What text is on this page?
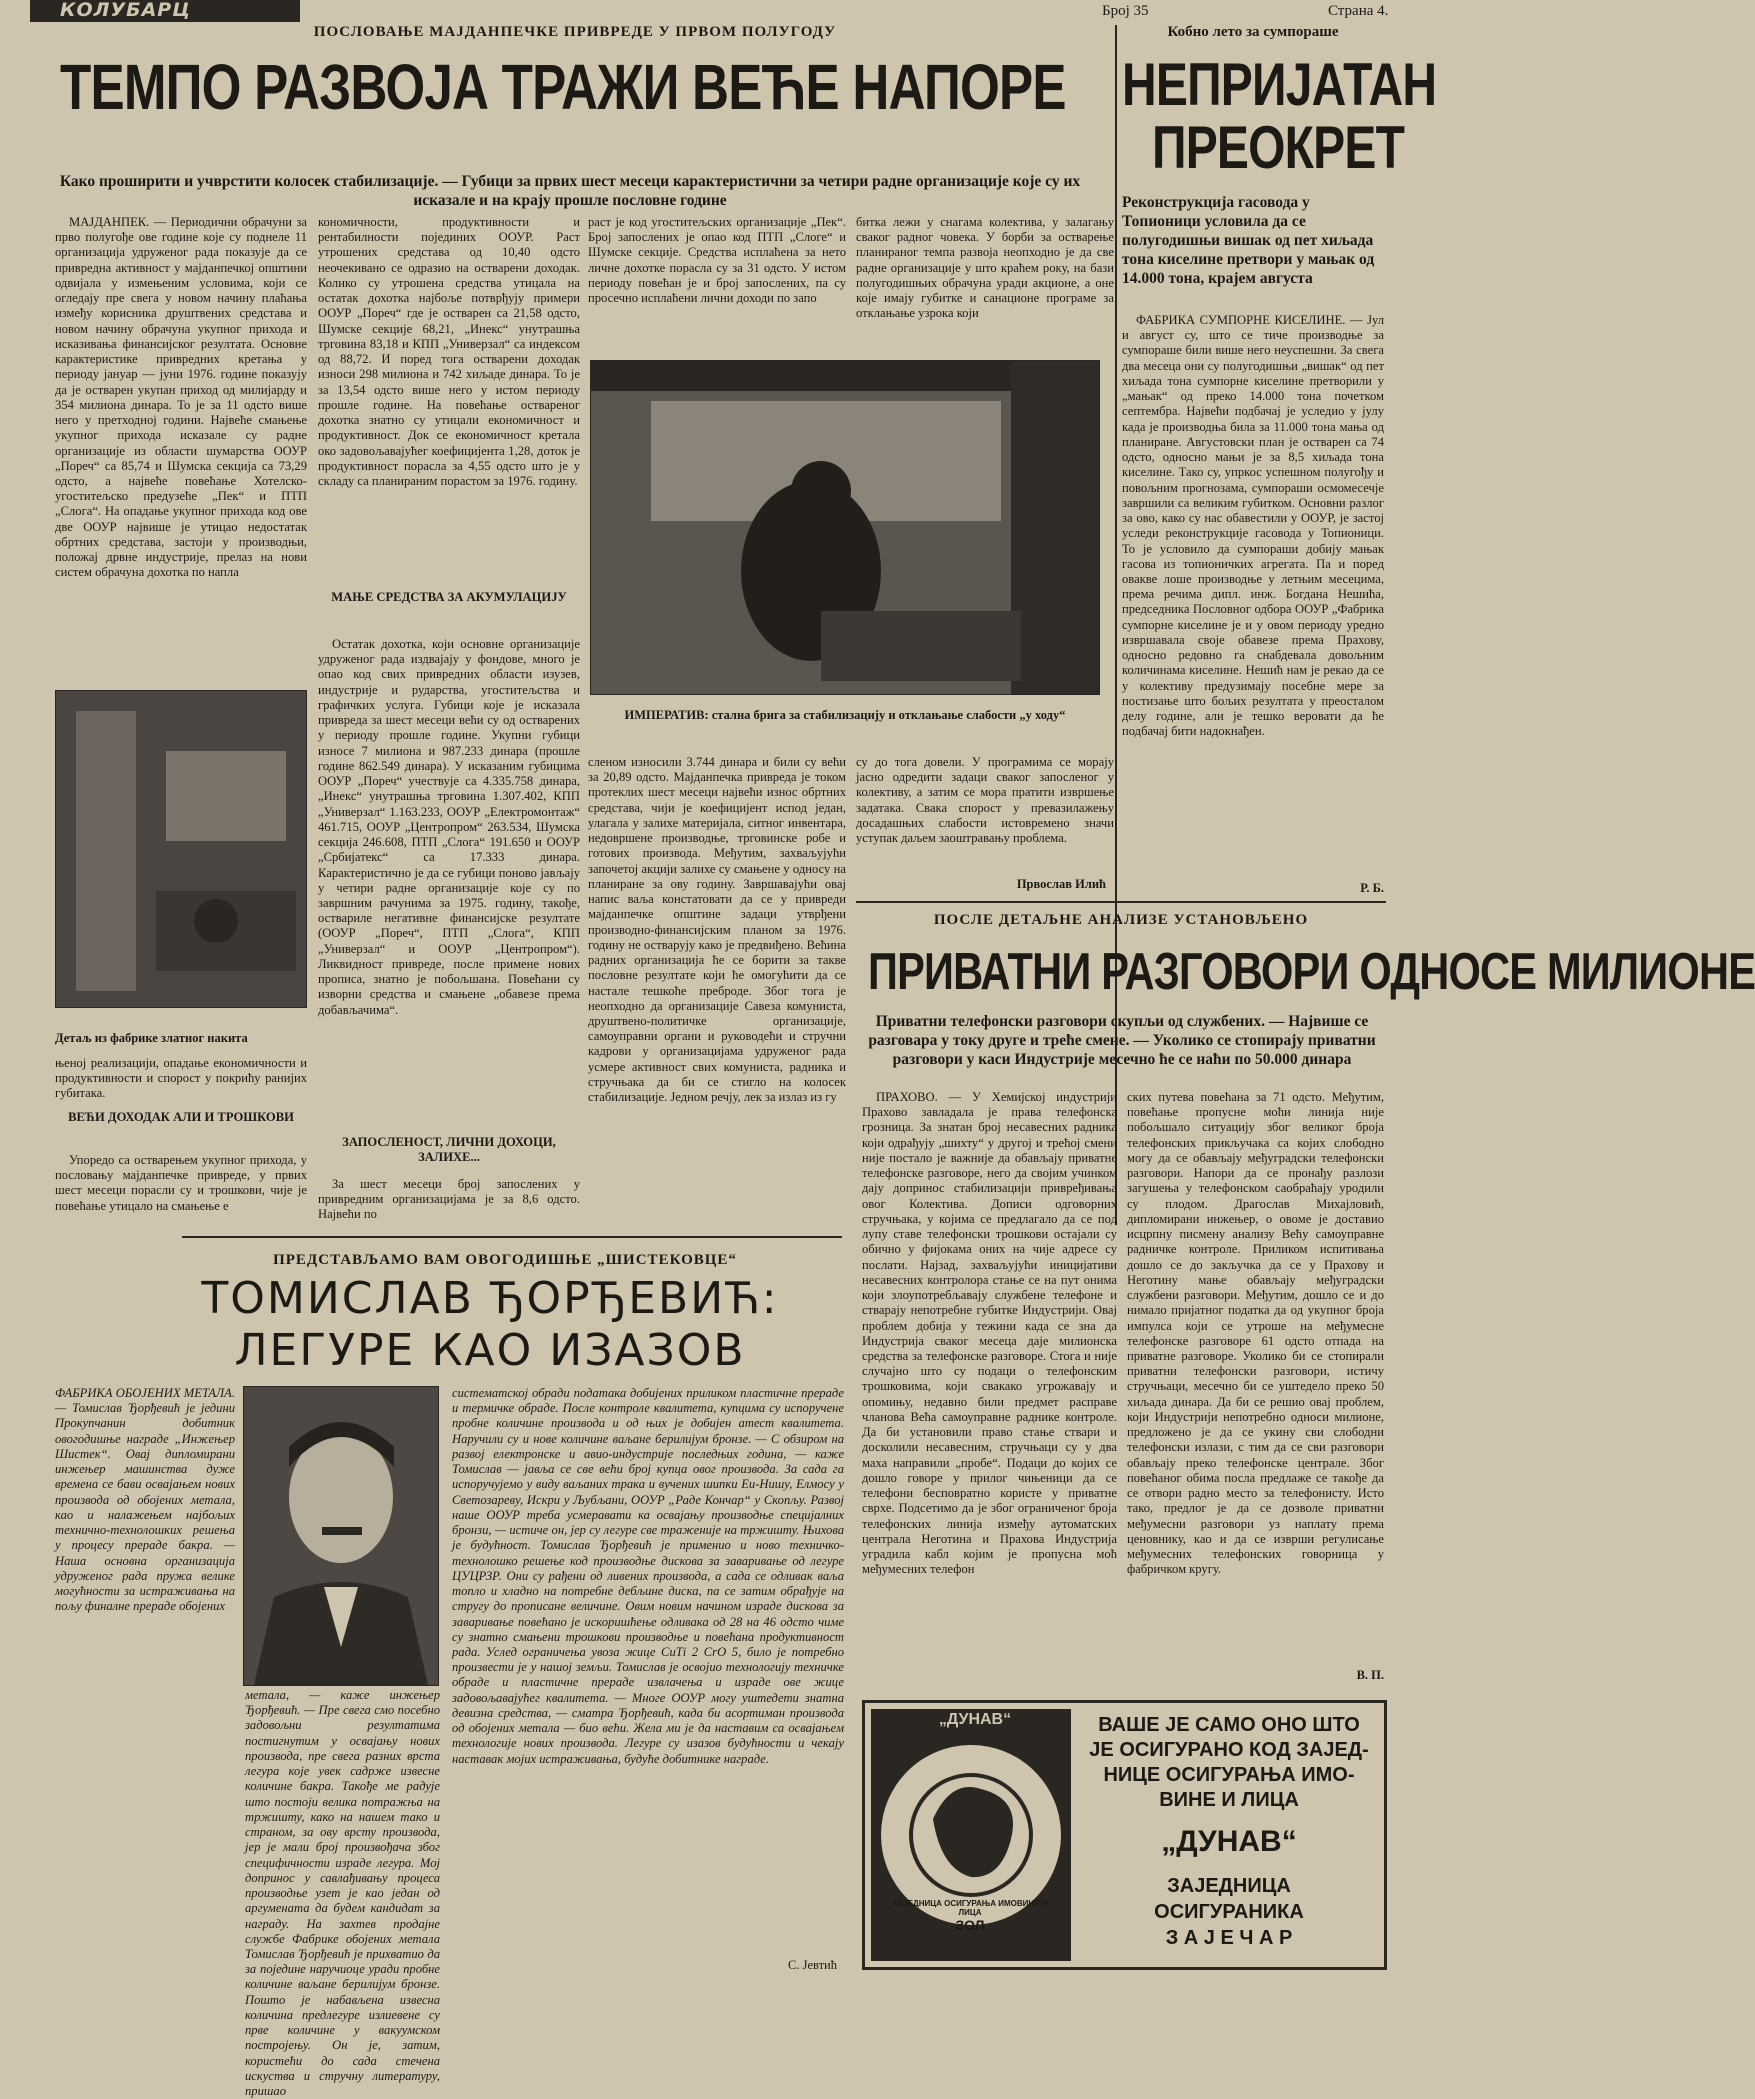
КОЛУБАРЦ	Број 35	Страна 4.
ПОСЛОВАЊЕ МАЈДАНПЕЧКЕ ПРИВРЕДЕ У ПРВОМ ПОЛУГОДУ
ТЕМПО РАЗВОЈА ТРАЖИ ВЕЋЕ НАПОРЕ
Како проширити и учврстити колосек стабилизације. — Губици за првих шест месеци карактеристични за четири радне организације које су их исказале и на крају прошле пословне године

МАЈДАНПЕК. — Периодични обрачуни за прво полугође ове године које су поднеле 11 организација удруженог рада показује да се привредна активност у мајданпечкој општини одвијала у измењеним условима, који се огледају пре свега у новом начину плаћања између корисника друштвених средстава и новом начину обрачуна укупног прихода и исказивања финансијског резултата. Основне карактеристике привредних кретања у периоду јануар — јуни 1976. године показују да је остварен укупан приход од милијарду и 354 милиона динара. То је за 11 одсто више него у претходној години. Највеће смањење укупног прихода исказале су радне организације из области шумарства ООУР „Пореч“ са 85,74 и Шумска секција са 73,29 одсто, а највеће повећање Хотелско-угоститељско предузеће „Пек“ и ПТП „Слога“. На опадање укупног прихода код ове две ООУР највише је утицао недостатак обртних средстава, застоји у производњи, положај дрвне индустрије, прелаз на нови систем обрачуна дохотка по напла

Детаљ из фабрике златног накита

њеној реализацији, опадање економичности и продуктивности и спорост у покрићу ранијих губитака.

ВЕЋИ ДОХОДАК АЛИ И ТРОШКОВИ

Упоредо са остварењем укупног прихода, у пословању мајданпечке привреде, у првих шест месеци порасли су и трошкови, чије је повећање утицало на смањење е

кономичности, продуктивности и рентабилности појединих ООУР. Раст утрошених средстава од 10,40 одсто неочекивано се одразио на остварени доходак. Колико су утрошена средства утицала на остатак дохотка најбоље потврђују примери ООУР „Пореч“ где је остварен са 21,58 одсто, Шумске секције 68,21, „Инекс“ унутрашња трговина 83,18 и КПП „Универзал“ са индексом од 88,72. И поред тога остварени доходак износи 298 милиона и 742 хиљаде динара. То је за 13,54 одсто више него у истом периоду прошле године. На повећање оствареног дохотка знатно су утицали економичност и продуктивност. Док се економичност кретала око задовољавајућег коефицијента 1,28, доток је продуктивност порасла за 4,55 одсто што је у складу са планираним порастом за 1976. годину.

МАЊЕ СРЕДСТВА ЗА АКУМУЛАЦИЈУ

Остатак дохотка, који основне организације удруженог рада издвајају у фондове, много је опао код свих привредних области изузев, индустрије и рударства, угоститељства и графичких услуга. Губици које је исказала привреда за шест месеци већи су од остварених у периоду прошле године. Укупни губици износе 7 милиона и 987.233 динара (прошле године 862.549 динара). У исказаним губицима ООУР „Пореч“ учествује са 4.335.758 динара, „Инекс“ унутрашња трговина 1.307.402, КПП „Универзал“ 1.163.233, ООУР „Електромонтаж“ 461.715, ООУР „Центропром“ 263.534, Шумска секција 246.608, ПТП „Слога“ 191.650 и ООУР „Србијатекс“ са 17.333 динара. Карактеристично је да се губици поново јављају у четири радне организације које су по завршним рачунима за 1975. годину, такође, оствариле негативне финансијске резултате (ООУР „Пореч“, ПТП „Слога“, КПП „Универзал“ и ООУР „Центропром“). Ликвидност привреде, после примене нових прописа, знатно је побољшана. Повећани су изворни средства и смањене „обавезе према добављачима“.

ЗАПОСЛЕНОСТ, ЛИЧНИ ДОХОЦИ, ЗАЛИХЕ...

За шест месеци број запослених у привредним организацијама је за 8,6 одсто. Највећи по

раст је код угоститељских организације „Пек“. Број запослених је опао код ПТП „Слоге“ и Шумске секције. Средства исплаћена за нето личне дохотке порасла су за 31 одсто. У истом периоду повећан је и број запослених, па су просечно исплаћени лични доходи по запо

битка лежи у снагама колектива, у залагању сваког радног човека. У борби за остварење планираног темпа развоја неопходно је да све радне организације у што краћем року, на бази полугодишњих обрачуна уради акционе, а оне које имају губитке и санационе програме за отклањање узрока који

ИМПЕРАТИВ: стална брига за стабилизацију и отклањање слабости „у ходу“

сленом износили 3.744 динара и били су већи за 20,89 одсто. Мајданпечка привреда је током протеклих шест месеци највећи износ обртних средстава, чији је коефицијент испод један, улагала у залихе материјала, ситног инвентара, недовршене производње, трговинске робе и готових производа. Међутим, захваљујући започетој акцији залихе су смањене у односу на планиране за ову годину. Завршавајући овај напис ваља констатовати да се у привреди мајданпечке општине задаци утврђени производно-финансијским планом за 1976. годину не остварују како је предвиђено. Већина радних организација ће се борити за такве пословне резултате који ће омогућити да се настале тешкоће преброде. Због тога је неопходно да организације Савеза комуниста, друштвено-политичке организације, самоуправни органи и руководећи и стручни кадрови у организацијама удруженог рада усмере активност свих комуниста, радника и стручњака да би се стигло на колосек стабилизације. Једном речју, лек за излаз из гу

су до тога довели. У програмима се морају јасно одредити задаци сваког запосленог у колективу, а затим се мора пратити извршење задатака. Свака спорост у превазилажењу досадашњих слабости истовремено значи уступак даљем заоштравању проблема.

Првослав Илић
Кобно лето за сумпораше
НЕПРИЈАТАН
ПРЕОКРЕТ
Реконструкција гасовода у Топионици условила да се полугодишњи вишак од пет хиљада тона киселине претвори у мањак од 14.000 тона, крајем августа

ФАБРИКА СУМПОРНЕ КИСЕЛИНЕ. — Јул и август су, што се тиче производње за сумпораше били више него неуспешни. За свега два месеца они су полугодишњи „вишак“ од пет хиљада тона сумпорне киселине претворили у „мањак“ од преко 14.000 тона почетком септембра. Највећи подбачај је уследио у јулу када је производња била за 11.000 тона мања од планиране. Августовски план је остварен са 74 одсто, односно мањи је за 8,5 хиљада тона киселине. Тако су, упркос успешном полугођу и повољним прогнозама, сумпораши осмомесечје завршили са великим губитком. Основни разлог за ово, како су нас обавестили у ООУР, је застој уследи реконструкције гасовода у Топионици. То је условило да сумпораши добију мањак гасова из топионичких агрегата. Па и поред овакве лоше производње у летњим месецима, према речима дипл. инж. Богдана Нешића, председника Пословног одбора ООУР „Фабрика сумпорне киселине је и у овом периоду уредно извршавала своје обавезе према Прахову, односно редовно га снабдевала довољним количинама киселине. Нешић нам је рекао да се у колективу предузимају посебне мере за постизање што бољих резултата у преосталом делу године, али је тешко веровати да ће подбачај бити надокнађен.

Р. Б.
ПОСЛЕ ДЕТАЉНЕ АНАЛИЗЕ УСТАНОВЉЕНО
ПРИВАТНИ РАЗГОВОРИ ОДНОСЕ МИЛИОНЕ
Приватни телефонски разговори скупљи од службених. — Највише се разговара у току друге и треће смене. — Уколико се стопирају приватни разговори у каси Индустрије месечно ће се наћи по 50.000 динара

ПРАХОВО. — У Хемијској индустрији Прахово завладала је права телефонска грозница. За знатан број несавесних радника који одрађују „шихту“ у другој и трећој смени није постало је важније да обављају приватне телефонске разговоре, него да својим учинком дају допринос стабилизацији привређивања овог Колектива. Дописи одговорних стручњака, у којима се предлагало да се под лупу ставе телефонски трошкови остајали су обично у фијокама оних на чије адресе су послати. Најзад, захваљујући иницијативи несавесних контролора стање се на пут онима који злоупотребљавају службене телефоне и стварају непотребне губитке Индустрији. Овај проблем добија у тежини када се зна да Индустрија сваког месеца даје милионска средства за телефонске разговоре. Стога и није случајно што су подаци о телефонским трошковима, који свакако угрожавају и опомињу, недавно били предмет расправе чланова Већа самоуправне раднике контроле. Да би установили право стање ствари и досколили несавесним, стручњаци су у два маха направили „пробе“. Подаци до којих се дошло говоре у прилог чињеници да се телефони бесповратно користе у приватне сврхе. Подсетимо да је због ограниченог броја телефонских линија између аутоматских централа Неготина и Прахова Индустрија уградила кабл којим је пропусна моћ међумесних телефон

ских путева повећана за 71 одсто. Међутим, повећање пропусне моћи линија није побољшало ситуацију због великог броја телефонских прикључака са којих слободно могу да се обављају међуградски телефонски разговори. Напори да се пронађу разлози загушења у телефонском саобраћају уродили су плодом. Драгослав Михајловић, дипломирани инжењер, о овоме је доставио исцрпну писмену анализу Већу самоуправне радничке контроле. Приликом испитивања дошло се до закључка да се у Прахову и Неготину мање обављају међуградски службени разговори. Међутим, дошло се и до нимало пријатног податка да од укупног броја импулса који се утроше на међумесне телефонске разговоре 61 одсто отпада на приватне разговоре. Уколико би се стопирали приватни телефонски разговори, истичу стручњаци, месечно би се уштедело преко 50 хиљада динара. Да би се решио овај проблем, који Индустрији непотребно односи милионе, предложено је да се укину сви слободни телефонски излази, с тим да се сви разговори обављају преко телефонске централе. Због повећаног обима посла предлаже се такође да се отвори радно место за телефонисту. Исто тако, предлог је да се дозволе приватни међумесни разговори уз наплату према ценовнику, као и да се изврши регулисање међумесних телефонских говорница у фабричком кругу.

В. П.
ПРЕДСТАВЉАМО ВАМ ОВОГОДИШЊЕ „ШИСТЕКОВЦЕ“
ТОМИСЛАВ ЂОРЂЕВИЋ:
ЛЕГУРЕ КАО ИЗАЗОВ

ФАБРИКА ОБОЈЕНИХ МЕТАЛА. — Томислав Ђорђевић је једини Прокупчанин добитник овогодишње награде „Инжењер Шистек“. Овај дипломирани инжењер машинства дуже времена се бави освајањем нових производа од обојених метала, као и налажењем најбољих технично-технолошких решења у процесу прераде бакра. — Наша основна организација удруженог рада пружа велике могућности за истраживања на пољу финалне прераде обојених

метала, — каже инжењер Ђорђевић. — Пре свега смо посебно задовољни резултатима постигнутим у освајању нових производа, пре свега разних врста легура које увек садрже извесне количине бакра. Такође ме радује што постоји велика потражња на тржишту, како на нашем тако и страном, за ову врсту производа, јер је мали број произвођача због специфичности израде легура. Мој допринос у савлађивању процеса производње узет је као један од аргумената да будем кандидат за награду. На захтев продајне службе Фабрике обојених метала Томислав Ђорђевић је прихватио да за поједине наручиоце уради пробне количине ваљане берилијум бронзе. Пошто је набављена извесна количина предлегуре излиевене су прве количине у вакуумском постројењу. Он је, затим, користећи до сада стечена искуства и стручну литературу, пришао

систематској обради података добијених приликом пластичне прераде и термичке обраде. После контроле квалитета, купцима су испоручене пробне количине производа и од њих је добијен атест квалитета. Наручили су и нове количине ваљане берилијум бронзе. — С обзиром на развој електронске и авио-индустрије последњих година, — каже Томислав — јавља се све већи број купца овог производа. За сада га испоручујемо у виду ваљаних трака и вучених шипки Еи-Нишу, Елмосу у Светозареву, Искри у Љубљани, ООУР „Раде Кончар“ у Скопљу. Развој наше ООУР треба усмеравати ка освајању производње специјалних бронзи, — истиче он, јер су легуре све траженије на тржишту. Њихова је будућност. Томислав Ђорђевић је применио и ново техничко-технолошко решење код производње дискова за заваривање од легуре ЦУЦРЗР. Они су рађени од ливених производа, а сада се одливак ваља топло и хладно на потребне дебљине диска, па се затим обрађује на стругу до прописане величине. Овим новим начином израде дискова за заваривање повећано је искоришћење одливака од 28 на 46 одсто чиме су знатно смањени трошкови производње и повећана продуктивност рада. Услед ограничења увоза жице СиТі 2 СrО 5, било је потребно произвести је у нашој земљи. Томислав је освојио технологију техничке обраде и пластичне прераде извлачења и израде ове жице задовољавајућег квалитета. — Многе ООУР могу уштедети знатна девизна средства, — сматра Ђорђевић, када би асортиман производа од обојених метала — био већи. Жела ми је да наставим са освајањем технологије нових производа. Легуре су изазов будућности и чекају наставак мојих истраживања, будуће добитнике награде.

С. Јевтић
„ДУНАВ“
ЗАЈЕДНИЦА ОСИГУРАЊА ИМОВИНЕ И ЛИЦА
ЗОЛ
ВАШЕ ЈЕ САМО ОНО ШТО
ЈЕ ОСИГУРАНО КОД ЗАЈЕД-
НИЦЕ ОСИГУРАЊА ИМО-
ВИНЕ И ЛИЦА
„ДУНАВ“
ЗАЈЕДНИЦА
ОСИГУРАНИКА
З А Ј Е Ч А Р
